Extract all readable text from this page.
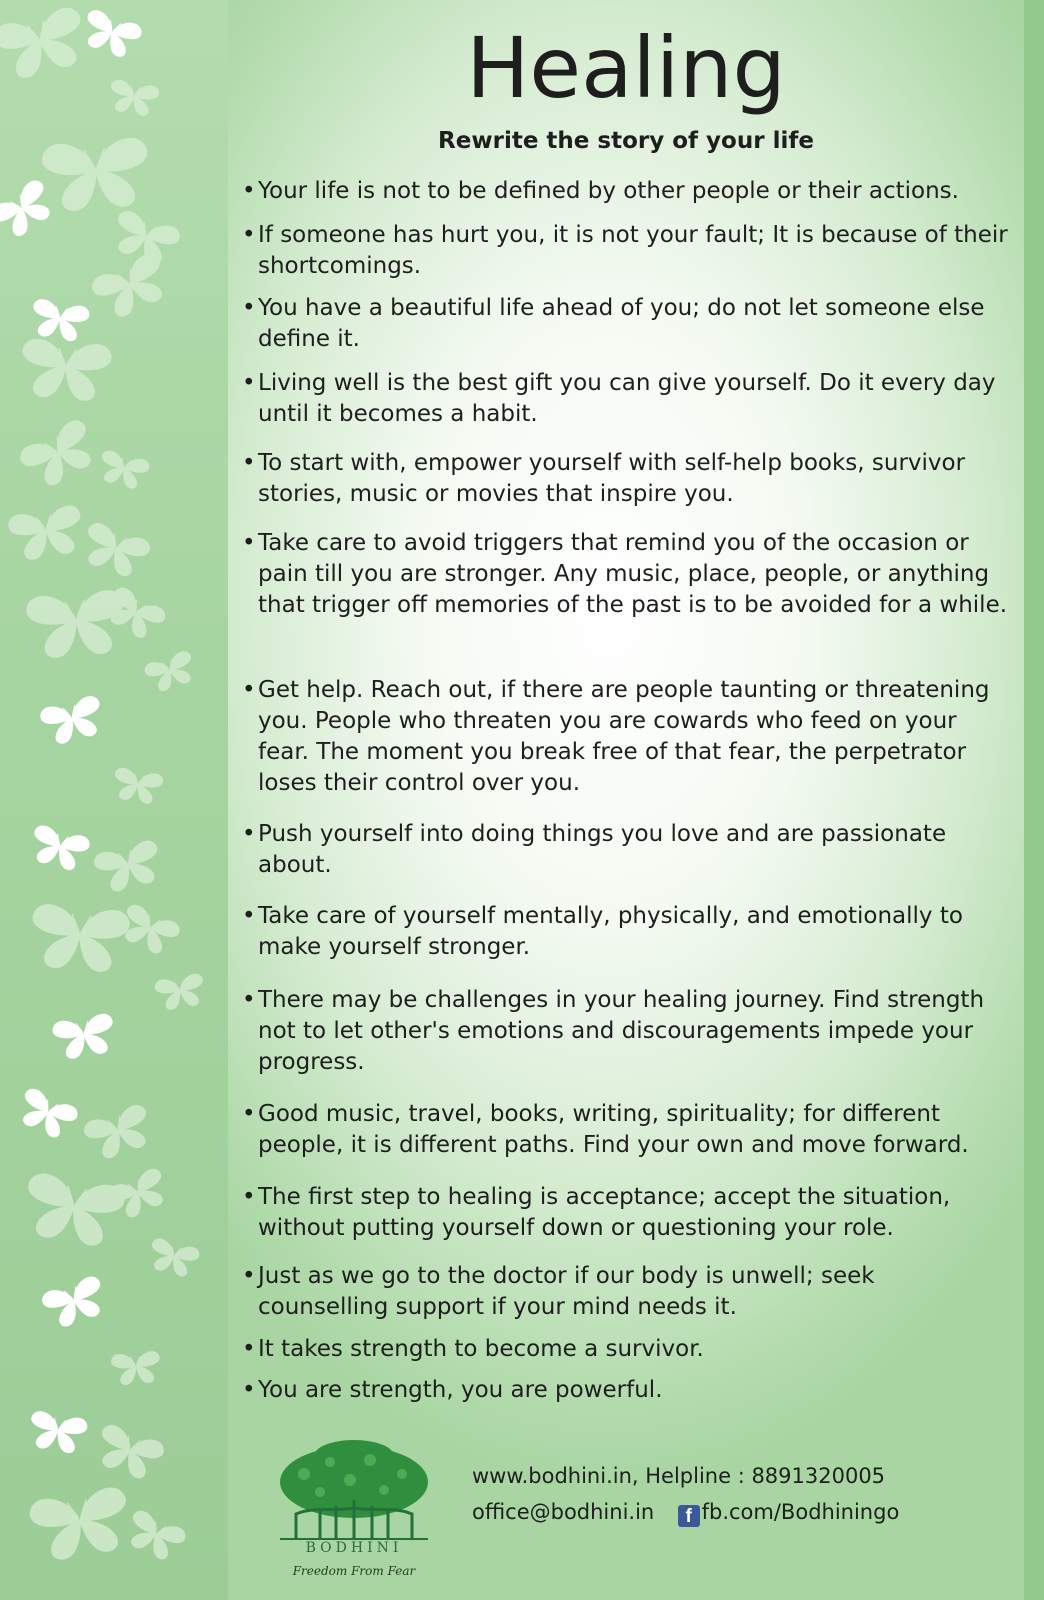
Healing
Rewrite the story of your life
• Your life is not to be defined by other people or their actions.
• If someone has hurt you, it is not your fault; It is because of their shortcomings.
• You have a beautiful life ahead of you; do not let someone else define it.
• Living well is the best gift you can give yourself. Do it every day until it becomes a habit.
• To start with, empower yourself with self-help books, survivor stories, music or movies that inspire you.
• Take care to avoid triggers that remind you of the occasion or pain till you are stronger. Any music, place, people, or anything that trigger off memories of the past is to be avoided for a while.
• Get help. Reach out, if there are people taunting or threatening you. People who threaten you are cowards who feed on your fear. The moment you break free of that fear, the perpetrator loses their control over you.
• Push yourself into doing things you love and are passionate about.
• Take care of yourself mentally, physically, and emotionally to make yourself stronger.
• There may be challenges in your healing journey. Find strength not to let other's emotions and discouragements impede your progress.
• Good music, travel, books, writing, spirituality; for different people, it is different paths. Find your own and move forward.
• The first step to healing is acceptance; accept the situation, without putting yourself down or questioning your role.
• Just as we go to the doctor if our body is unwell; seek counselling support if your mind needs it.
• It takes strength to become a survivor.
• You are strength, you are powerful.
BODHINI
Freedom From Fear
www.bodhini.in, Helpline : 8891320005
office@bodhini.in f fb.com/Bodhiningo
